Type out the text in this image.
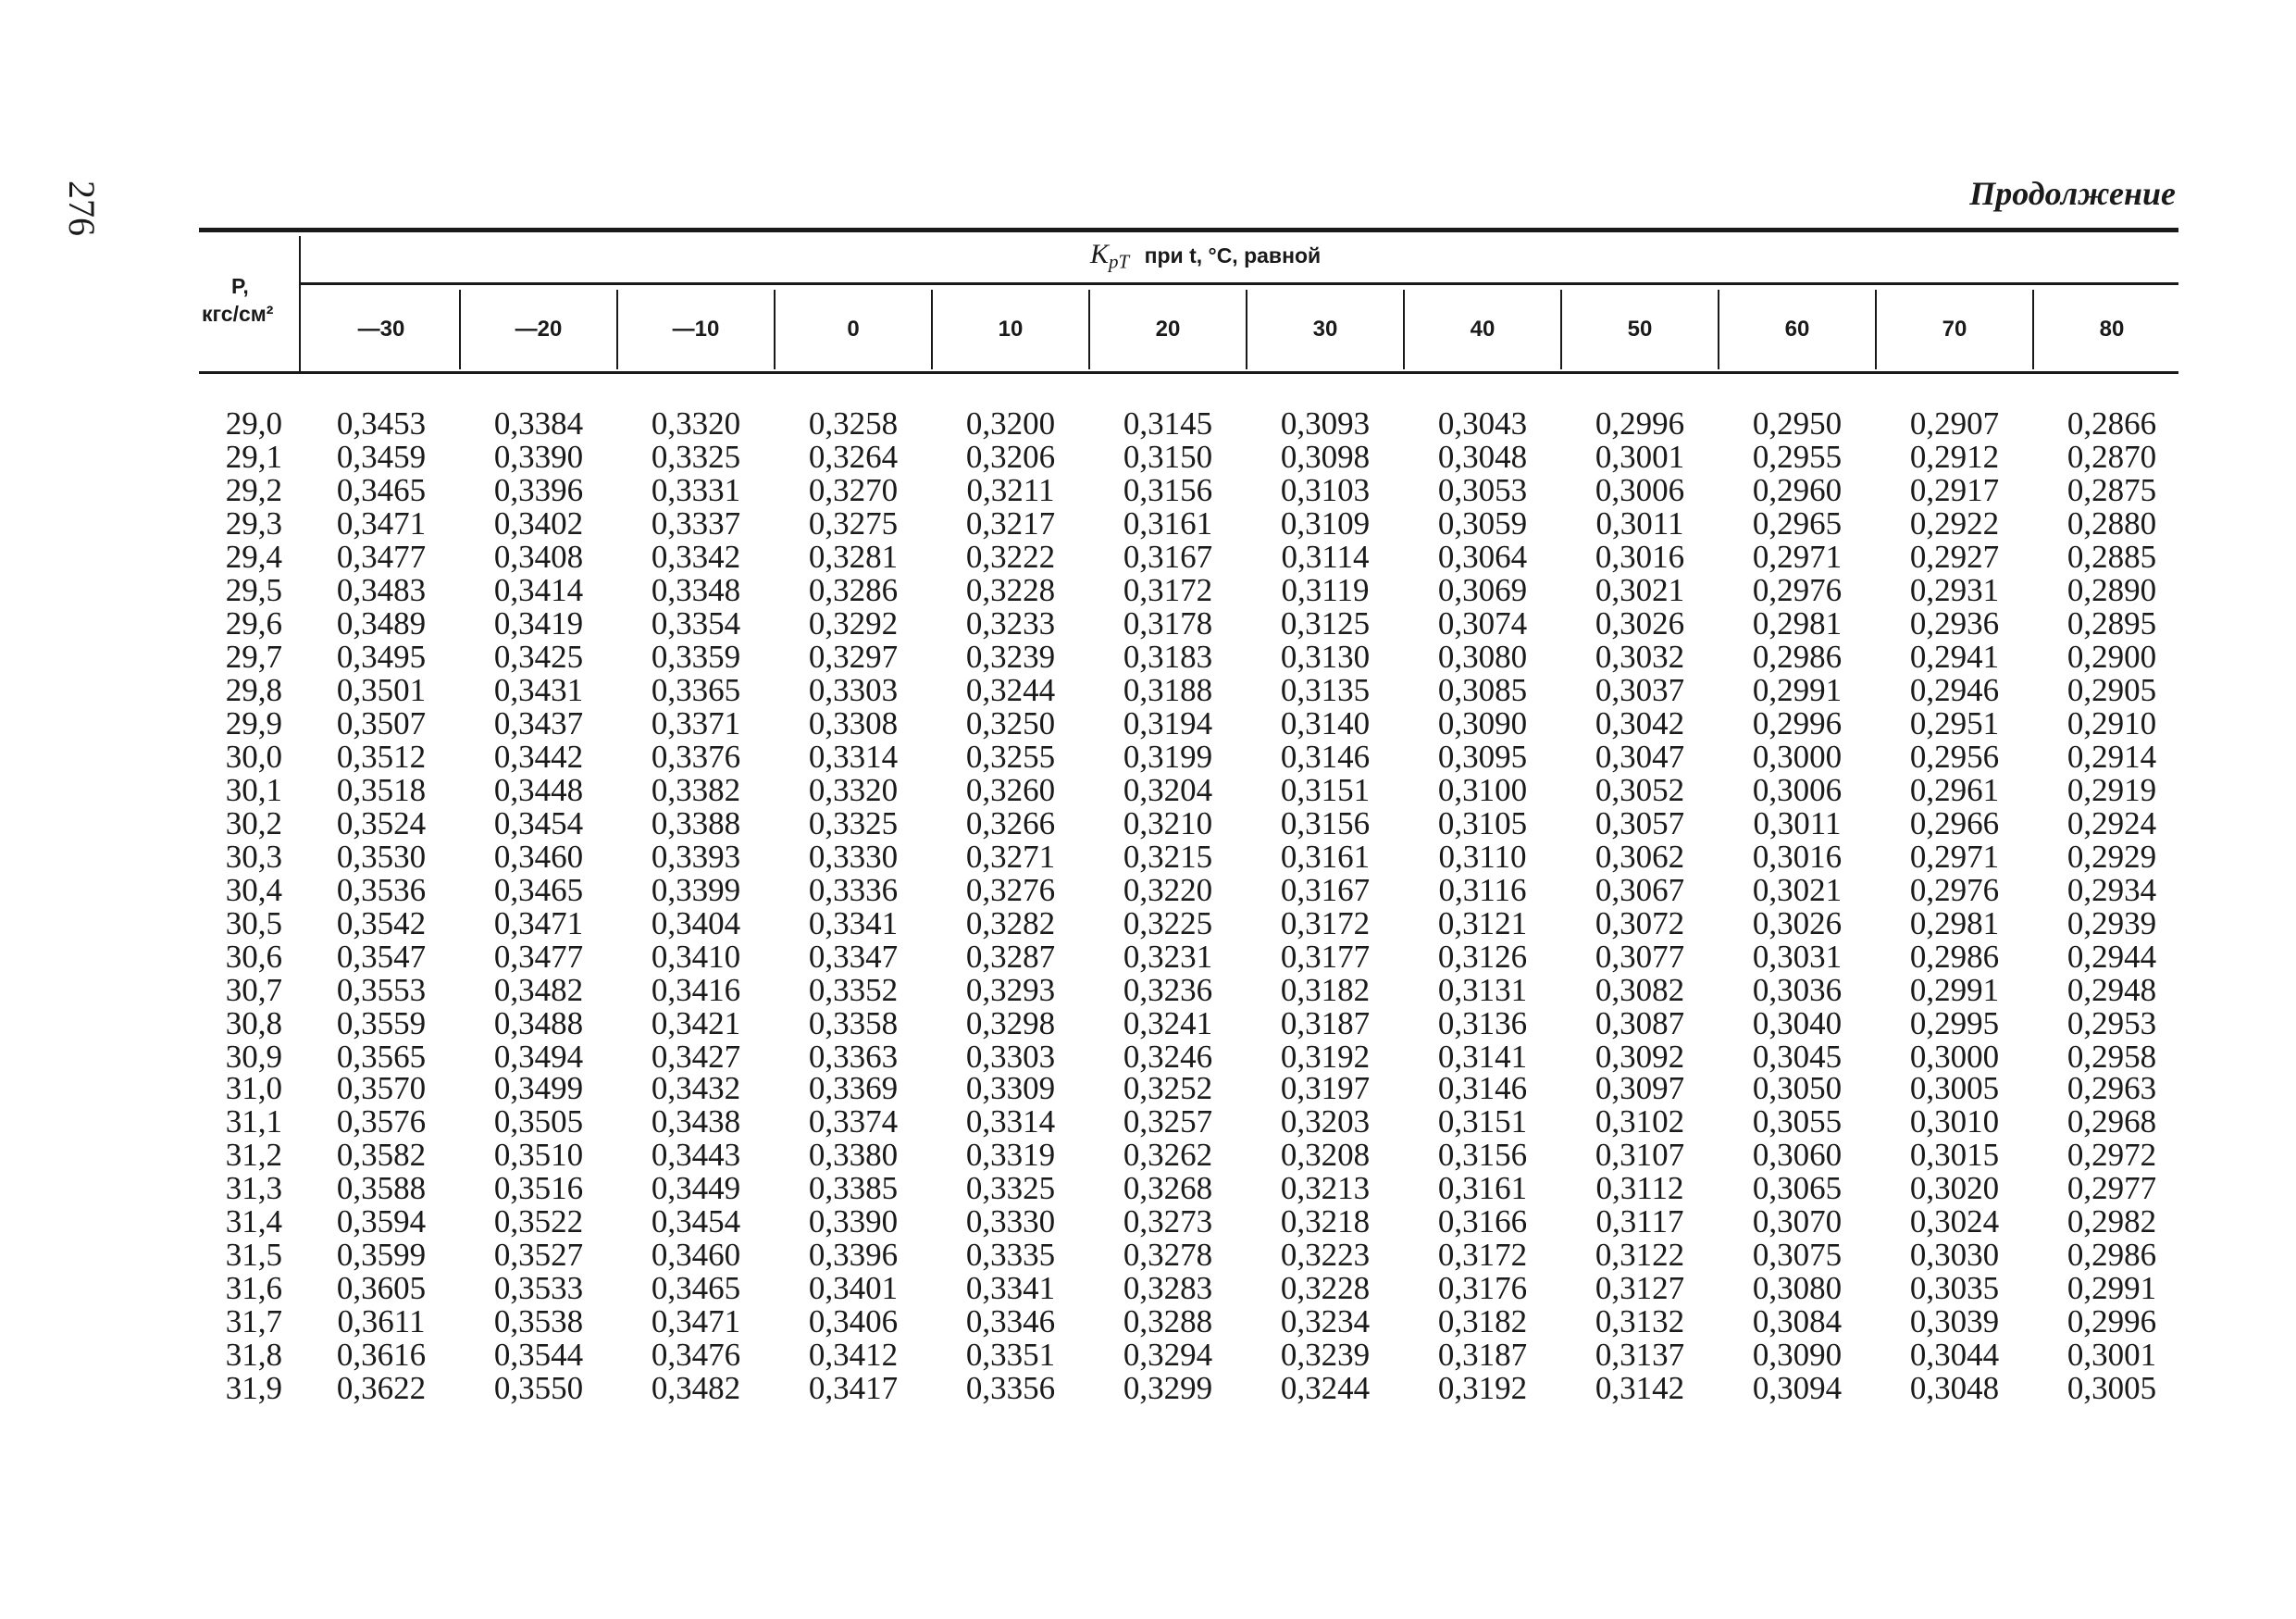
276	Продолжение
P,
кгс/см²
$K_{pT}$ при t, °С, равной
—30	—20	—10	0	10	20	30	40	50	60	70	80
29,0	0,3453	0,3384	0,3320	0,3258	0,3200	0,3145	0,3093	0,3043	0,2996	0,2950	0,2907	0,2866
29,1	0,3459	0,3390	0,3325	0,3264	0,3206	0,3150	0,3098	0,3048	0,3001	0,2955	0,2912	0,2870
29,2	0,3465	0,3396	0,3331	0,3270	0,3211	0,3156	0,3103	0,3053	0,3006	0,2960	0,2917	0,2875
29,3	0,3471	0,3402	0,3337	0,3275	0,3217	0,3161	0,3109	0,3059	0,3011	0,2965	0,2922	0,2880
29,4	0,3477	0,3408	0,3342	0,3281	0,3222	0,3167	0,3114	0,3064	0,3016	0,2971	0,2927	0,2885
29,5	0,3483	0,3414	0,3348	0,3286	0,3228	0,3172	0,3119	0,3069	0,3021	0,2976	0,2931	0,2890
29,6	0,3489	0,3419	0,3354	0,3292	0,3233	0,3178	0,3125	0,3074	0,3026	0,2981	0,2936	0,2895
29,7	0,3495	0,3425	0,3359	0,3297	0,3239	0,3183	0,3130	0,3080	0,3032	0,2986	0,2941	0,2900
29,8	0,3501	0,3431	0,3365	0,3303	0,3244	0,3188	0,3135	0,3085	0,3037	0,2991	0,2946	0,2905
29,9	0,3507	0,3437	0,3371	0,3308	0,3250	0,3194	0,3140	0,3090	0,3042	0,2996	0,2951	0,2910
30,0	0,3512	0,3442	0,3376	0,3314	0,3255	0,3199	0,3146	0,3095	0,3047	0,3000	0,2956	0,2914
30,1	0,3518	0,3448	0,3382	0,3320	0,3260	0,3204	0,3151	0,3100	0,3052	0,3006	0,2961	0,2919
30,2	0,3524	0,3454	0,3388	0,3325	0,3266	0,3210	0,3156	0,3105	0,3057	0,3011	0,2966	0,2924
30,3	0,3530	0,3460	0,3393	0,3330	0,3271	0,3215	0,3161	0,3110	0,3062	0,3016	0,2971	0,2929
30,4	0,3536	0,3465	0,3399	0,3336	0,3276	0,3220	0,3167	0,3116	0,3067	0,3021	0,2976	0,2934
30,5	0,3542	0,3471	0,3404	0,3341	0,3282	0,3225	0,3172	0,3121	0,3072	0,3026	0,2981	0,2939
30,6	0,3547	0,3477	0,3410	0,3347	0,3287	0,3231	0,3177	0,3126	0,3077	0,3031	0,2986	0,2944
30,7	0,3553	0,3482	0,3416	0,3352	0,3293	0,3236	0,3182	0,3131	0,3082	0,3036	0,2991	0,2948
30,8	0,3559	0,3488	0,3421	0,3358	0,3298	0,3241	0,3187	0,3136	0,3087	0,3040	0,2995	0,2953
30,9	0,3565	0,3494	0,3427	0,3363	0,3303	0,3246	0,3192	0,3141	0,3092	0,3045	0,3000	0,2958
31,0	0,3570	0,3499	0,3432	0,3369	0,3309	0,3252	0,3197	0,3146	0,3097	0,3050	0,3005	0,2963
31,1	0,3576	0,3505	0,3438	0,3374	0,3314	0,3257	0,3203	0,3151	0,3102	0,3055	0,3010	0,2968
31,2	0,3582	0,3510	0,3443	0,3380	0,3319	0,3262	0,3208	0,3156	0,3107	0,3060	0,3015	0,2972
31,3	0,3588	0,3516	0,3449	0,3385	0,3325	0,3268	0,3213	0,3161	0,3112	0,3065	0,3020	0,2977
31,4	0,3594	0,3522	0,3454	0,3390	0,3330	0,3273	0,3218	0,3166	0,3117	0,3070	0,3024	0,2982
31,5	0,3599	0,3527	0,3460	0,3396	0,3335	0,3278	0,3223	0,3172	0,3122	0,3075	0,3030	0,2986
31,6	0,3605	0,3533	0,3465	0,3401	0,3341	0,3283	0,3228	0,3176	0,3127	0,3080	0,3035	0,2991
31,7	0,3611	0,3538	0,3471	0,3406	0,3346	0,3288	0,3234	0,3182	0,3132	0,3084	0,3039	0,2996
31,8	0,3616	0,3544	0,3476	0,3412	0,3351	0,3294	0,3239	0,3187	0,3137	0,3090	0,3044	0,3001
31,9	0,3622	0,3550	0,3482	0,3417	0,3356	0,3299	0,3244	0,3192	0,3142	0,3094	0,3048	0,3005
